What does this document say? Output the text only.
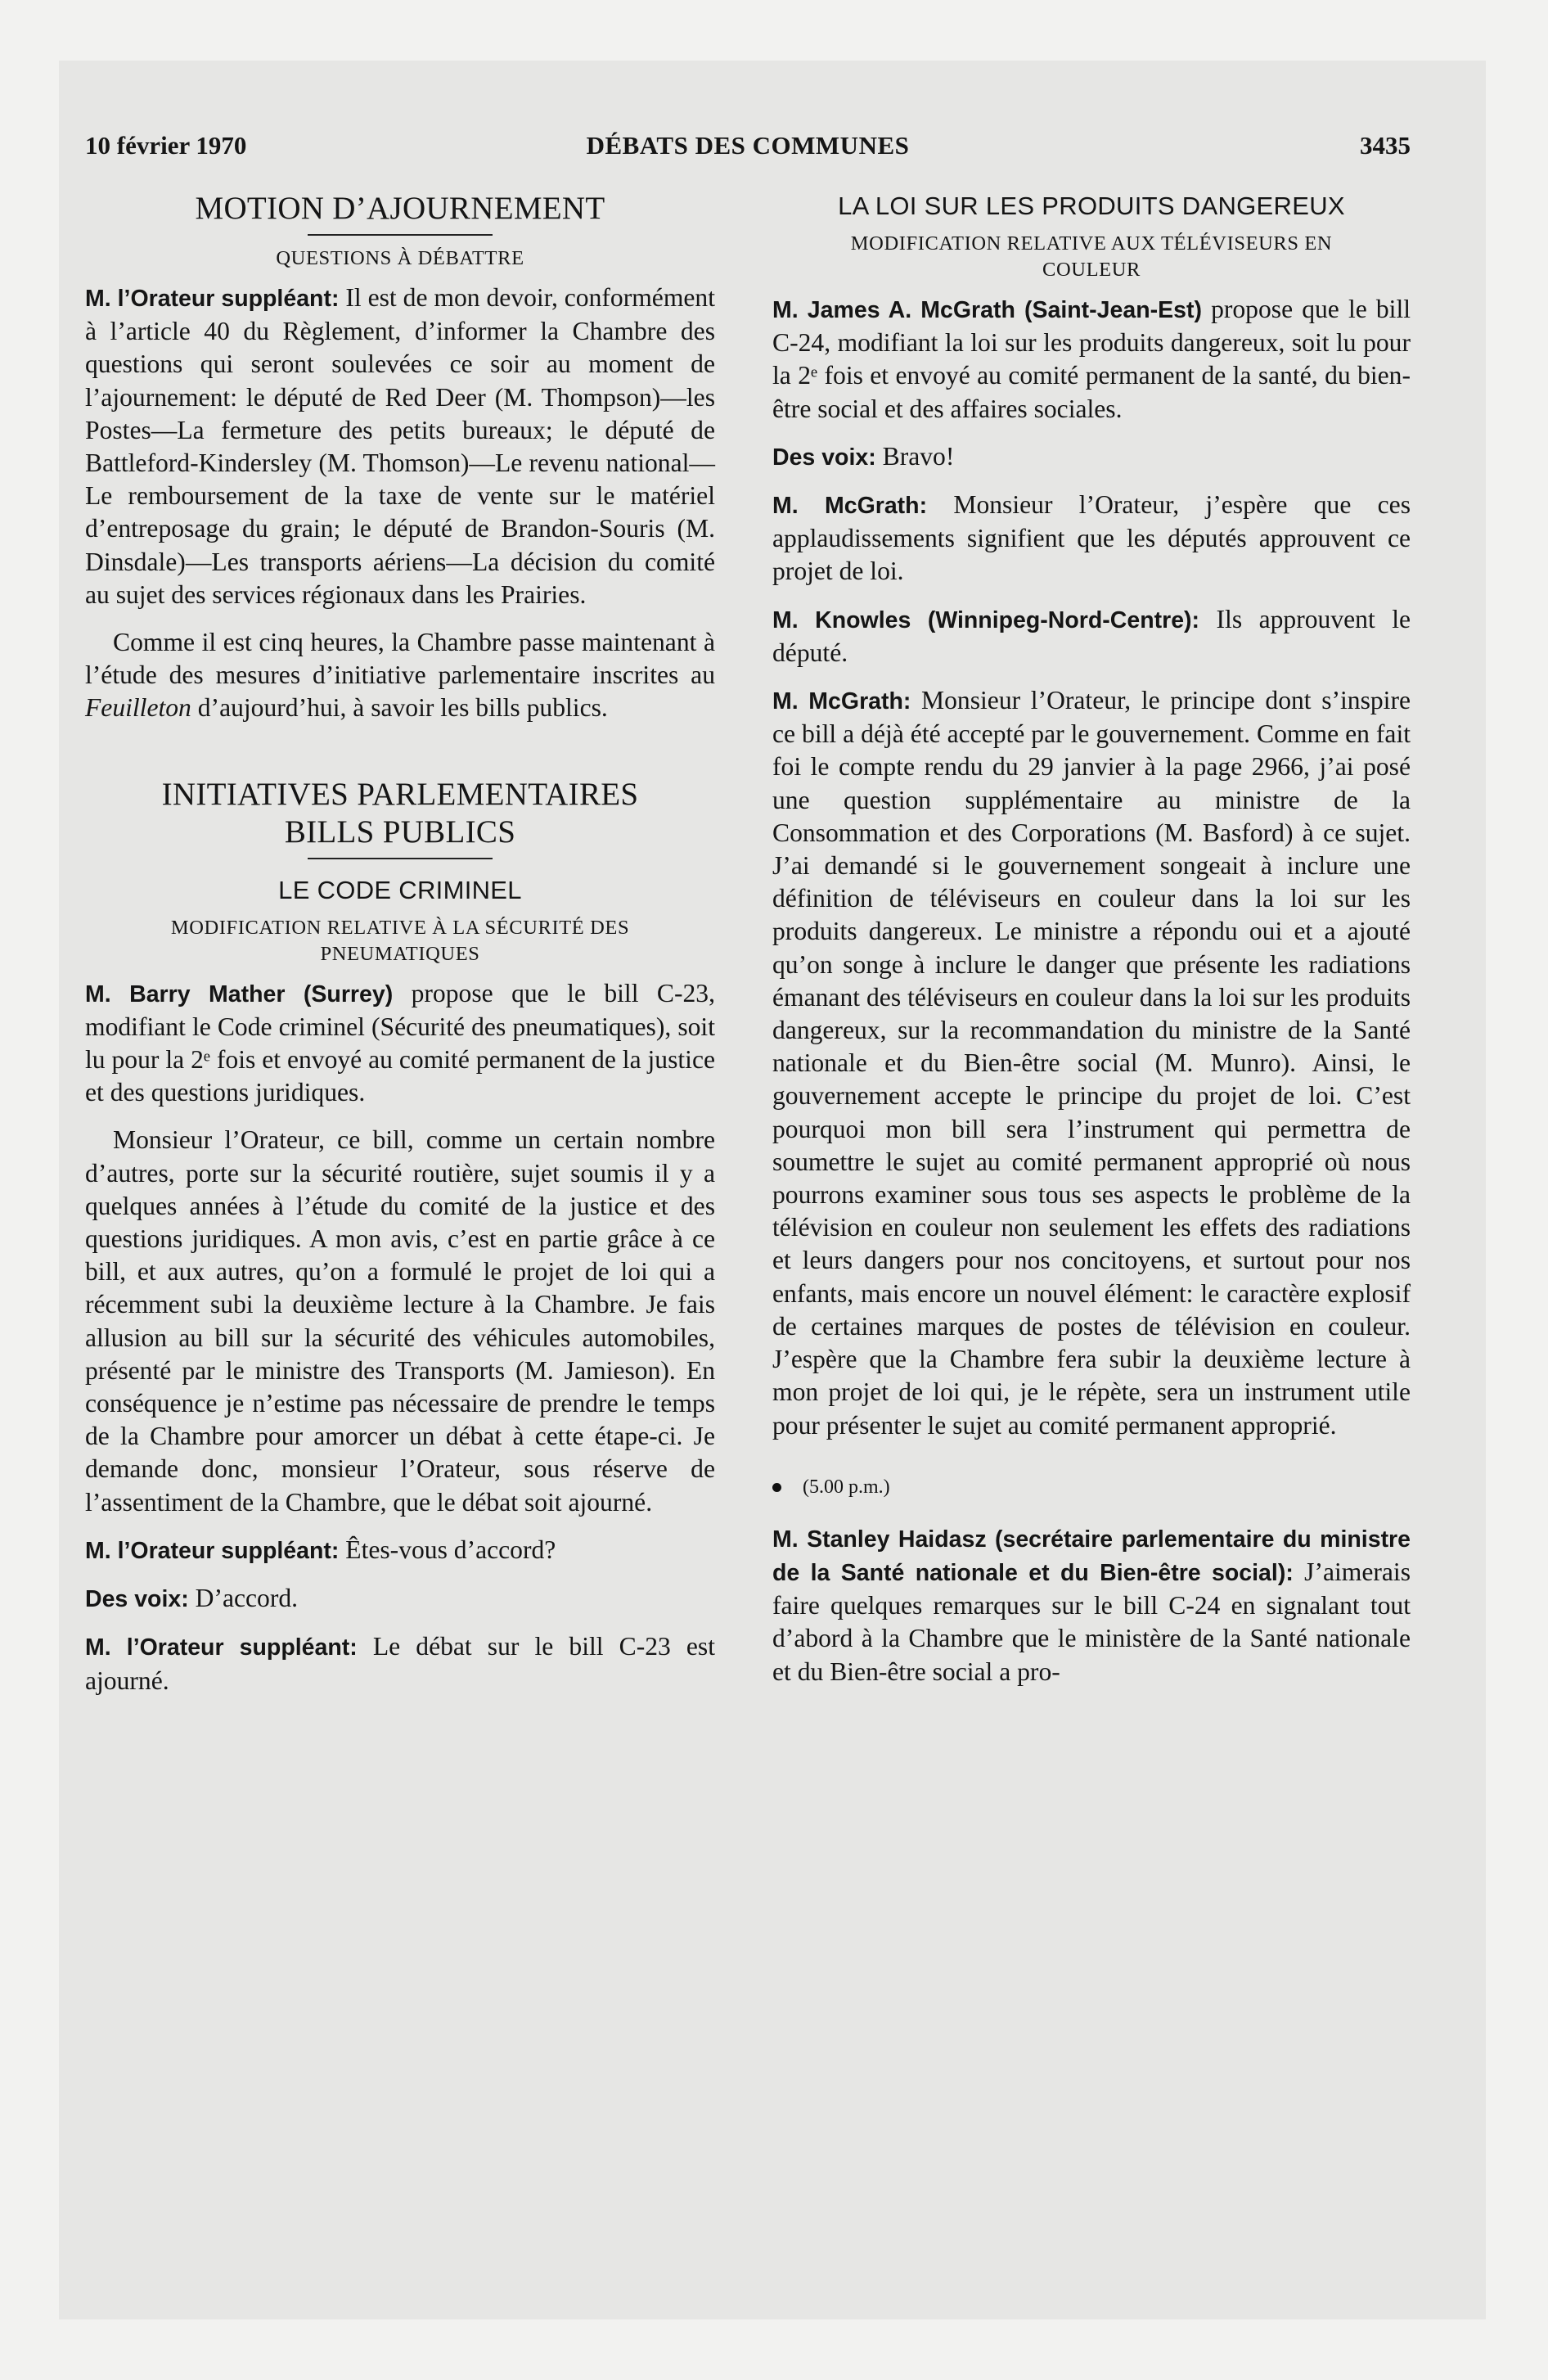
10 février 1970	DÉBATS DES COMMUNES	3435
MOTION D’AJOURNEMENT
QUESTIONS À DÉBATTRE

M. l’Orateur suppléant: Il est de mon devoir, conformément à l’article 40 du Règlement, d’informer la Chambre des questions qui seront soulevées ce soir au moment de l’ajournement: le député de Red Deer (M. Thompson)—les Postes—La fermeture des petits bureaux; le député de Battleford-Kindersley (M. Thomson)—Le revenu national—Le remboursement de la taxe de vente sur le matériel d’entreposage du grain; le député de Brandon-Souris (M. Dinsdale)—Les transports aériens—La décision du comité au sujet des services régionaux dans les Prairies.

Comme il est cinq heures, la Chambre passe maintenant à l’étude des mesures d’initiative parlementaire inscrites au Feuilleton d’aujourd’hui, à savoir les bills publics.

INITIATIVES PARLEMENTAIRES
BILLS PUBLICS
LE CODE CRIMINEL
MODIFICATION RELATIVE À LA SÉCURITÉ DES PNEUMATIQUES

M. Barry Mather (Surrey) propose que le bill C-23, modifiant le Code criminel (Sécurité des pneumatiques), soit lu pour la 2ᵉ fois et envoyé au comité permanent de la justice et des questions juridiques.

Monsieur l’Orateur, ce bill, comme un certain nombre d’autres, porte sur la sécurité routière, sujet soumis il y a quelques années à l’étude du comité de la justice et des questions juridiques. A mon avis, c’est en partie grâce à ce bill, et aux autres, qu’on a formulé le projet de loi qui a récemment subi la deuxième lecture à la Chambre. Je fais allusion au bill sur la sécurité des véhicules automobiles, présenté par le ministre des Transports (M. Jamieson). En conséquence je n’estime pas nécessaire de prendre le temps de la Chambre pour amorcer un débat à cette étape-ci. Je demande donc, monsieur l’Orateur, sous réserve de l’assentiment de la Chambre, que le débat soit ajourné.

M. l’Orateur suppléant: Êtes-vous d’accord?

Des voix: D’accord.

M. l’Orateur suppléant: Le débat sur le bill C-23 est ajourné.

LA LOI SUR LES PRODUITS DANGEREUX
MODIFICATION RELATIVE AUX TÉLÉVISEURS EN COULEUR

M. James A. McGrath (Saint-Jean-Est) propose que le bill C-24, modifiant la loi sur les produits dangereux, soit lu pour la 2ᵉ fois et envoyé au comité permanent de la santé, du bien-être social et des affaires sociales.

Des voix: Bravo!

M. McGrath: Monsieur l’Orateur, j’espère que ces applaudissements signifient que les députés approuvent ce projet de loi.

M. Knowles (Winnipeg-Nord-Centre): Ils approuvent le député.

M. McGrath: Monsieur l’Orateur, le principe dont s’inspire ce bill a déjà été accepté par le gouvernement. Comme en fait foi le compte rendu du 29 janvier à la page 2966, j’ai posé une question supplémentaire au ministre de la Consommation et des Corporations (M. Basford) à ce sujet. J’ai demandé si le gouvernement songeait à inclure une définition de téléviseurs en couleur dans la loi sur les produits dangereux. Le ministre a répondu oui et a ajouté qu’on songe à inclure le danger que présente les radiations émanant des téléviseurs en couleur dans la loi sur les produits dangereux, sur la recommandation du ministre de la Santé nationale et du Bien-être social (M. Munro). Ainsi, le gouvernement accepte le principe du projet de loi. C’est pourquoi mon bill sera l’instrument qui permettra de soumettre le sujet au comité permanent approprié où nous pourrons examiner sous tous ses aspects le problème de la télévision en couleur non seulement les effets des radiations et leurs dangers pour nos concitoyens, et surtout pour nos enfants, mais encore un nouvel élément: le caractère explosif de certaines marques de postes de télévision en couleur. J’espère que la Chambre fera subir la deuxième lecture à mon projet de loi qui, je le répète, sera un instrument utile pour présenter le sujet au comité permanent approprié.

(5.00 p.m.)

M. Stanley Haidasz (secrétaire parlementaire du ministre de la Santé nationale et du Bien-être social): J’aimerais faire quelques remarques sur le bill C-24 en signalant tout d’abord à la Chambre que le ministère de la Santé nationale et du Bien-être social a pro-
